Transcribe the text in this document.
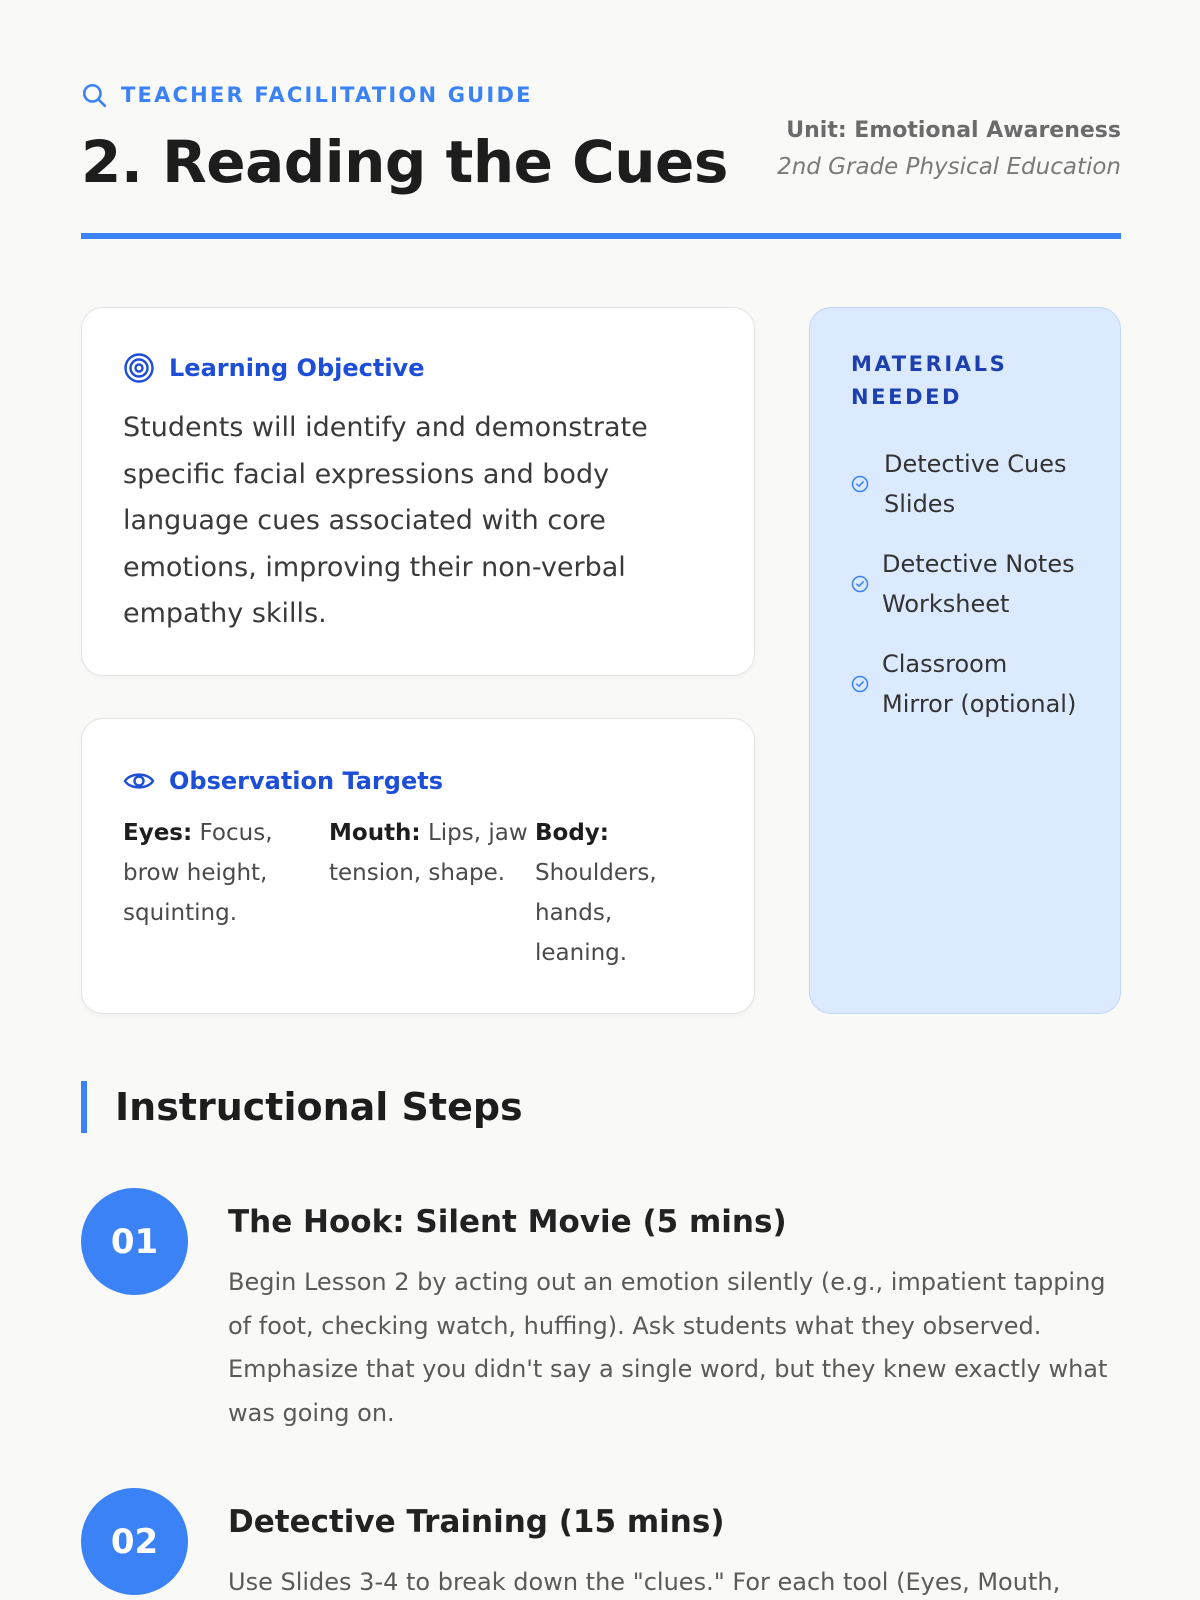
TEACHER FACILITATION GUIDE
2. Reading the Cues	Unit: Emotional Awareness
2nd Grade Physical Education
Learning Objective

Students will identify and demonstrate specific facial expressions and body language cues associated with core emotions, improving their non-verbal empathy skills.

Observation Targets
Eyes: Focus, brow height, squinting.
Mouth: Lips, jaw tension, shape.
Body: Shoulders, hands, leaning.
MATERIALS NEEDED
Detective Cues Slides
Detective Notes Worksheet
Classroom Mirror (optional)
Instructional Steps
01	The Hook: Silent Movie (5 mins)

Begin Lesson 2 by acting out an emotion silently (e.g., impatient tapping of foot, checking watch, huffing). Ask students what they observed. Emphasize that you didn't say a single word, but they knew exactly what was going on.

02	Detective Training (15 mins)

Use Slides 3-4 to break down the "clues." For each tool (Eyes, Mouth,
